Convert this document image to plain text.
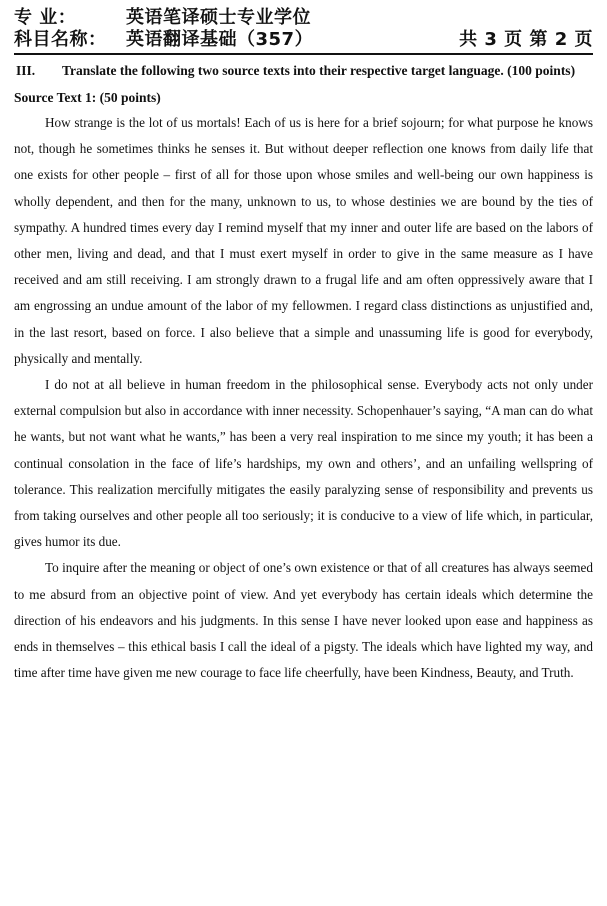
专 业：	英语笔译硕士专业学位
科目名称：	英语翻译基础（357）	共 3 页 第 2 页
III.	Translate the following two source texts into their respective target language. (100 points)
Source Text 1: (50 points)

How strange is the lot of us mortals! Each of us is here for a brief sojourn; for what purpose he knows not, though he sometimes thinks he senses it. But without deeper reflection one knows from daily life that one exists for other people – first of all for those upon whose smiles and well-being our own happiness is wholly dependent, and then for the many, unknown to us, to whose destinies we are bound by the ties of sympathy. A hundred times every day I remind myself that my inner and outer life are based on the labors of other men, living and dead, and that I must exert myself in order to give in the same measure as I have received and am still receiving. I am strongly drawn to a frugal life and am often oppressively aware that I am engrossing an undue amount of the labor of my fellowmen. I regard class distinctions as unjustified and, in the last resort, based on force. I also believe that a simple and unassuming life is good for everybody, physically and mentally.

I do not at all believe in human freedom in the philosophical sense. Everybody acts not only under external compulsion but also in accordance with inner necessity. Schopenhauer’s saying, “A man can do what he wants, but not want what he wants,” has been a very real inspiration to me since my youth; it has been a continual consolation in the face of life’s hardships, my own and others’, and an unfailing wellspring of tolerance. This realization mercifully mitigates the easily paralyzing sense of responsibility and prevents us from taking ourselves and other people all too seriously; it is conducive to a view of life which, in particular, gives humor its due.

To inquire after the meaning or object of one’s own existence or that of all creatures has always seemed to me absurd from an objective point of view. And yet everybody has certain ideals which determine the direction of his endeavors and his judgments. In this sense I have never looked upon ease and happiness as ends in themselves – this ethical basis I call the ideal of a pigsty. The ideals which have lighted my way, and time after time have given me new courage to face life cheerfully, have been Kindness, Beauty, and Truth.
